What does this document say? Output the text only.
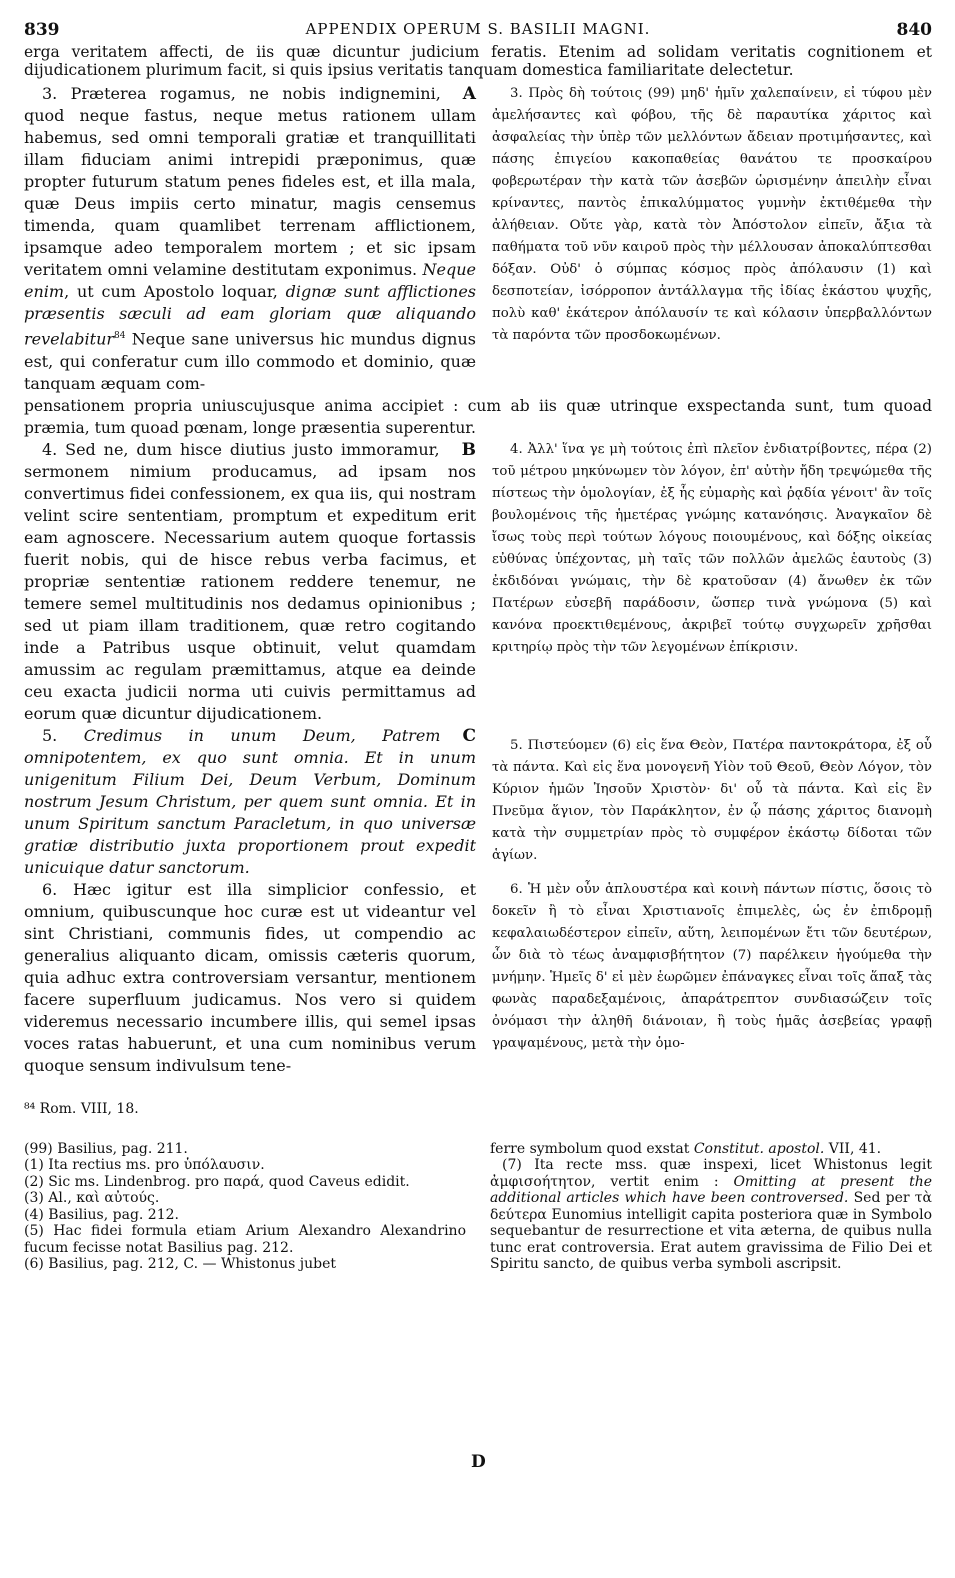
839	APPENDIX OPERUM S. BASILII MAGNI.	840

erga veritatem affecti, de iis quæ dicuntur judicium feratis. Etenim ad solidam veritatis cognitionem et dijudicationem plurimum facit, si quis ipsius veritatis tanquam domestica familiaritate delectetur.

A
3. Præterea rogamus, ne nobis indignemini, quod neque fastus, neque metus rationem ullam habemus, sed omni temporali gratiæ et tranquillitati illam fiduciam animi intrepidi præponimus, quæ propter futurum statum penes fideles est, et illa mala, quæ Deus impiis certo minatur, magis censemus timenda, quam quamlibet terrenam afflictionem, ipsamque adeo temporalem mortem ; et sic ipsam veritatem omni velamine destitutam exponimus. Neque enim, ut cum Apostolo loquar, dignæ sunt afflictiones præsentis sæculi ad eam gloriam quæ aliquando revelabitur$^{84}$ Neque sane universus hic mundus dignus est, qui conferatur cum illo commodo et dominio, quæ tanquam æquam com-

3. Πρὸς δὴ τούτοις (99) μηδ' ἡμῖν χαλεπαίνειν, εἰ τύφου μὲν ἀμελήσαντες καὶ φόβου, τῆς δὲ παραυτίκα χάριτος καὶ ἀσφαλείας τὴν ὑπὲρ τῶν μελλόντων ἄδειαν προτιμήσαντες, καὶ πάσης ἐπιγείου κακοπαθείας θανάτου τε προσκαίρου φοβερωτέραν τὴν κατὰ τῶν ἀσεβῶν ὡρισμένην ἀπειλὴν εἶναι κρίναντες, παντὸς ἐπικαλύμματος γυμνὴν ἐκτιθέμεθα τὴν ἀλήθειαν. Οὔτε γὰρ, κατὰ τὸν Ἀπόστολον εἰπεῖν, ἄξια τὰ παθήματα τοῦ νῦν καιροῦ πρὸς τὴν μέλλουσαν ἀποκαλύπτεσθαι δόξαν. Οὐδ' ὁ σύμπας κόσμος πρὸς ἀπόλαυσιν (1) καὶ δεσποτείαν, ἰσόρροπον ἀντάλλαγμα τῆς ἰδίας ἑκάστου ψυχῆς, πολὺ καθ' ἑκάτερον ἀπόλαυσίν τε καὶ κόλασιν ὑπερβαλλόντων τὰ παρόντα τῶν προσδοκωμένων.

pensationem propria uniuscujusque anima accipiet : cum ab iis quæ utrinque exspectanda sunt, tum quoad præmia, tum quoad pœnam, longe præsentia superentur.

B
4. Sed ne, dum hisce diutius justo immoramur, sermonem nimium producamus, ad ipsam nos convertimus fidei confessionem, ex qua iis, qui nostram velint scire sententiam, promptum et expeditum erit eam agnoscere. Necessarium autem quoque fortassis fuerit nobis, qui de hisce rebus verba facimus, et propriæ sententiæ rationem reddere tenemur, ne temere semel multitudinis nos dedamus opinionibus ; sed ut piam illam traditionem, quæ retro cogitando inde a Patribus usque obtinuit, velut quamdam amussim ac regulam præmittamus, atque ea deinde ceu exacta judicii norma uti cuivis permittamus ad eorum quæ dicuntur dijudicationem.

4. Ἀλλ' ἵνα γε μὴ τούτοις ἐπὶ πλεῖον ἐνδιατρίβοντες, πέρα (2) τοῦ μέτρου μηκύνωμεν τὸν λόγον, ἐπ' αὐτὴν ἤδη τρεψώμεθα τῆς πίστεως τὴν ὁμολογίαν, ἐξ ἧς εὐμαρὴς καὶ ῥᾳδία γένοιτ' ἂν τοῖς βουλομένοις τῆς ἡμετέρας γνώμης κατανόησις. Ἀναγκαῖον δὲ ἴσως τοὺς περὶ τούτων λόγους ποιουμένους, καὶ δόξης οἰκείας εὐθύνας ὑπέχοντας, μὴ ταῖς τῶν πολλῶν ἀμελῶς ἑαυτοὺς (3) ἐκδιδόναι γνώμαις, τὴν δὲ κρατοῦσαν (4) ἄνωθεν ἐκ τῶν Πατέρων εὐσεβῆ παράδοσιν, ὥσπερ τινὰ γνώμονα (5) καὶ κανόνα προεκτιθεμένους, ἀκριβεῖ τούτῳ συγχωρεῖν χρῆσθαι κριτηρίῳ πρὸς τὴν τῶν λεγομένων ἐπίκρισιν.

C
5. Credimus in unum Deum, Patrem omnipotentem, ex quo sunt omnia. Et in unum unigenitum Filium Dei, Deum Verbum, Dominum nostrum Jesum Christum, per quem sunt omnia. Et in unum Spiritum sanctum Paracletum, in quo universæ gratiæ distributio juxta proportionem prout expedit unicuique datur sanctorum.

5. Πιστεύομεν (6) εἰς ἕνα Θεὸν, Πατέρα παντοκράτορα, ἐξ οὗ τὰ πάντα. Καὶ εἰς ἕνα μονογενῆ Υἱὸν τοῦ Θεοῦ, Θεὸν Λόγον, τὸν Κύριον ἡμῶν Ἰησοῦν Χριστὸν· δι' οὗ τὰ πάντα. Καὶ εἰς ἓν Πνεῦμα ἅγιον, τὸν Παράκλητον, ἐν ᾧ πάσης χάριτος διανομὴ κατὰ τὴν συμμετρίαν πρὸς τὸ συμφέρον ἑκάστῳ δίδοται τῶν ἁγίων.

6. Hæc igitur est illa simplicior confessio, et omnium, quibuscunque hoc curæ est ut videantur vel sint Christiani, communis fides, ut compendio ac generalius aliquanto dicam, omissis cæteris quorum, quia adhuc extra controversiam versantur, mentionem facere superfluum judicamus. Nos vero si quidem videremus necessario incumbere illis, qui semel ipsas voces ratas habuerunt, et una cum nominibus verum quoque sensum indivulsum tene-

6. Ἡ μὲν οὖν ἁπλουστέρα καὶ κοινὴ πάντων πίστις, ὅσοις τὸ δοκεῖν ἢ τὸ εἶναι Χριστιανοῖς ἐπιμελὲς, ὡς ἐν ἐπιδρομῇ κεφαλαιωδέστερον εἰπεῖν, αὕτη, λειπομένων ἔτι τῶν δευτέρων, ὧν διὰ τὸ τέως ἀναμφισβήτητον (7) παρέλκειν ἡγούμεθα τὴν μνήμην. Ἡμεῖς δ' εἰ μὲν ἑωρῶμεν ἐπάναγκες εἶναι τοῖς ἅπαξ τὰς φωνὰς παραδεξαμένοις, ἀπαράτρεπτον συνδιασώζειν τοῖς ὀνόμασι τὴν ἀληθῆ διάνοιαν, ἢ τοὺς ἡμᾶς ἀσεβείας γραφῇ γραψαμένους, μετὰ τὴν ὁμο-

⁸⁴ Rom. VIII, 18.

(99) Basilius, pag. 211.
(1) Ita rectius ms. pro ὑπόλαυσιν.
(2) Sic ms. Lindenbrog. pro παρά, quod Caveus edidit.
(3) Al., καὶ αὐτούς.
(4) Basilius, pag. 212.
(5) Hac fidei formula etiam Arium Alexandro Alexandrino fucum fecisse notat Basilius pag. 212.
(6) Basilius, pag. 212, C. — Whistonus jubet
ferre symbolum quod exstat Constitut. apostol. VII, 41.
(7) Ita recte mss. quæ inspexi, licet Whistonus legit ἀμφισοήτητον, vertit enim : Omitting at present the additional articles which have been controversed. Sed per τὰ δεύτερα Eunomius intelligit capita posteriora quæ in Symbolo sequebantur de resurrectione et vita æterna, de quibus nulla tunc erat controversia. Erat autem gravissima de Filio Dei et Spiritu sancto, de quibus verba symboli ascripsit.
D
